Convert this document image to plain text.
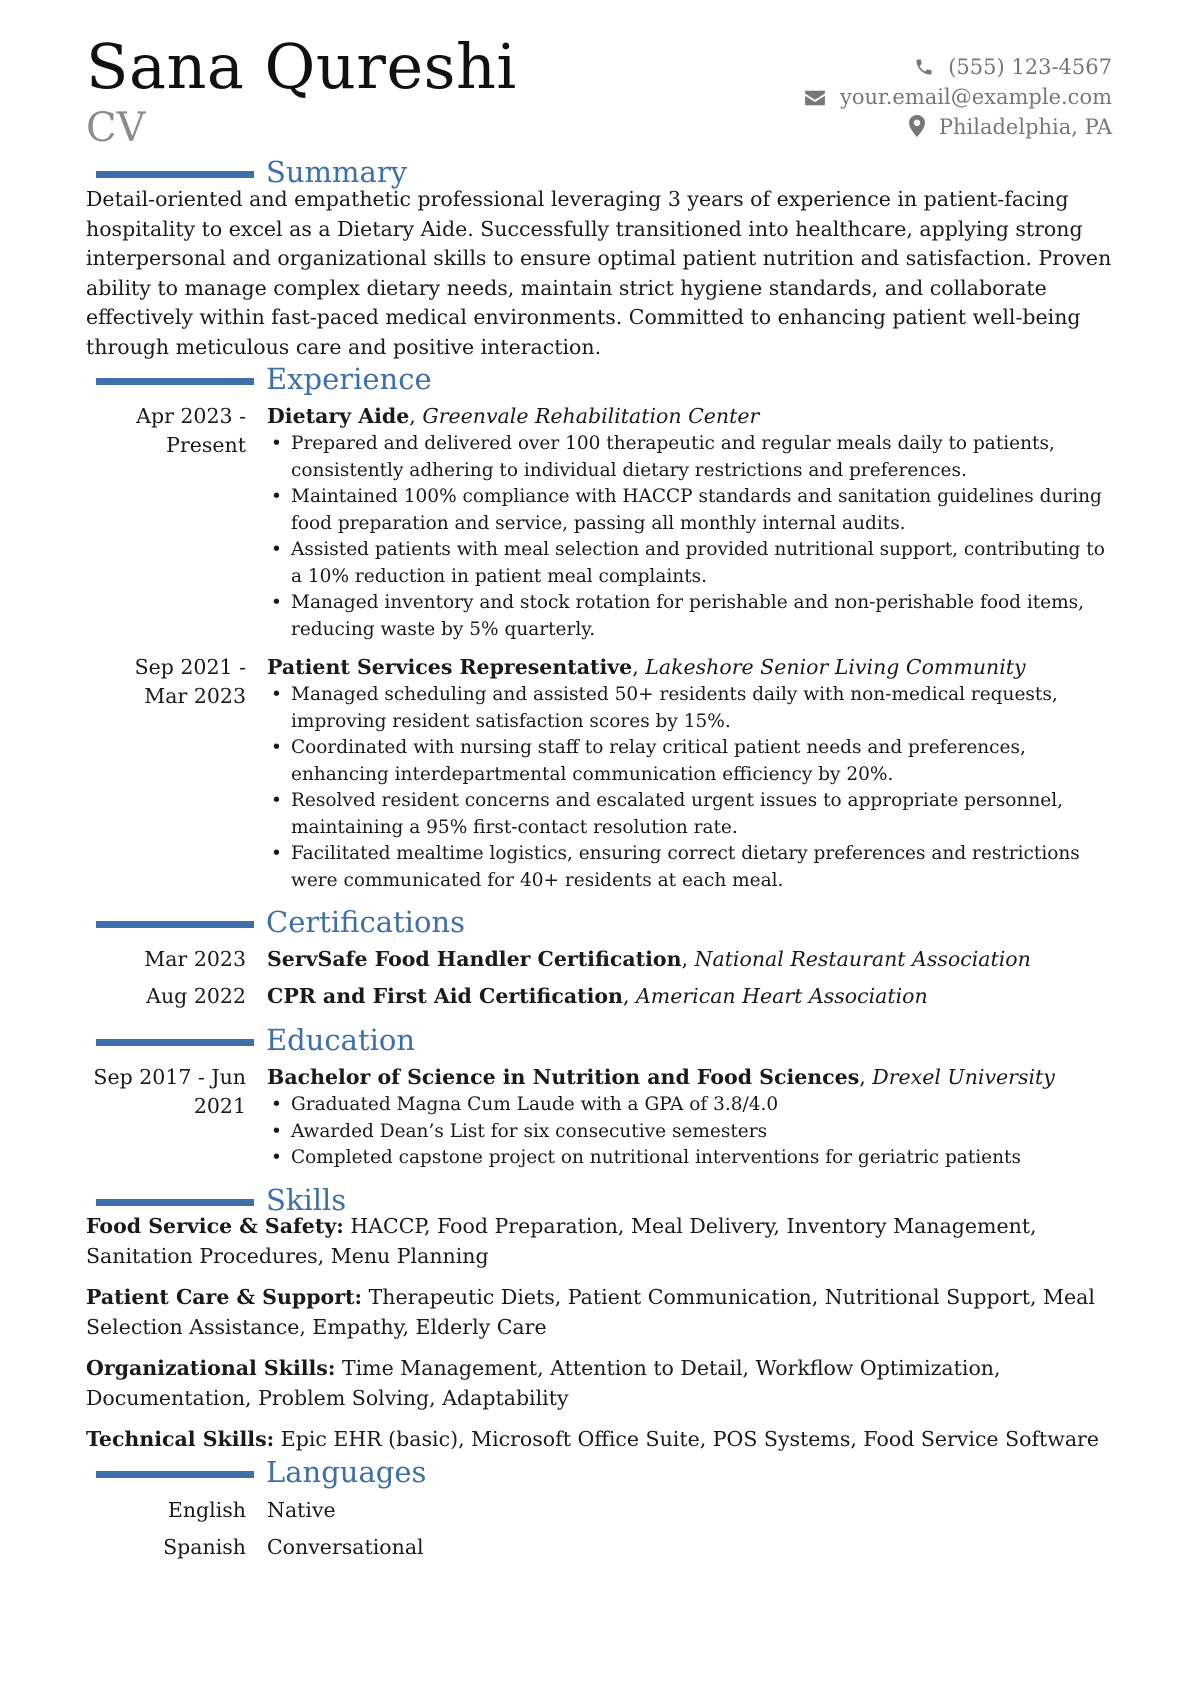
Sana Qureshi
CV
(555) 123-4567
your.email@example.com
Philadelphia, PA
Summary
Detail-oriented and empathetic professional leveraging 3 years of experience in patient-facing hospitality to excel as a Dietary Aide. Successfully transitioned into healthcare, applying strong interpersonal and organizational skills to ensure optimal patient nutrition and satisfaction. Proven ability to manage complex dietary needs, maintain strict hygiene standards, and collaborate effectively within fast-paced medical environments. Committed to enhancing patient well-being through meticulous care and positive interaction.
Experience
Apr 2023 - Present
Dietary Aide, Greenvale Rehabilitation Center
• Prepared and delivered over 100 therapeutic and regular meals daily to patients, consistently adhering to individual dietary restrictions and preferences.
• Maintained 100% compliance with HACCP standards and sanitation guidelines during food preparation and service, passing all monthly internal audits.
• Assisted patients with meal selection and provided nutritional support, contributing to a 10% reduction in patient meal complaints.
• Managed inventory and stock rotation for perishable and non-perishable food items, reducing waste by 5% quarterly.
Sep 2021 - Mar 2023
Patient Services Representative, Lakeshore Senior Living Community
• Managed scheduling and assisted 50+ residents daily with non-medical requests, improving resident satisfaction scores by 15%.
• Coordinated with nursing staff to relay critical patient needs and preferences, enhancing interdepartmental communication efficiency by 20%.
• Resolved resident concerns and escalated urgent issues to appropriate personnel, maintaining a 95% first-contact resolution rate.
• Facilitated mealtime logistics, ensuring correct dietary preferences and restrictions were communicated for 40+ residents at each meal.
Certifications
Mar 2023 ServSafe Food Handler Certification, National Restaurant Association
Aug 2022 CPR and First Aid Certification, American Heart Association
Education
Sep 2017 - Jun 2021
Bachelor of Science in Nutrition and Food Sciences, Drexel University
• Graduated Magna Cum Laude with a GPA of 3.8/4.0
• Awarded Dean’s List for six consecutive semesters
• Completed capstone project on nutritional interventions for geriatric patients
Skills
Food Service & Safety: HACCP, Food Preparation, Meal Delivery, Inventory Management, Sanitation Procedures, Menu Planning
Patient Care & Support: Therapeutic Diets, Patient Communication, Nutritional Support, Meal Selection Assistance, Empathy, Elderly Care
Organizational Skills: Time Management, Attention to Detail, Workflow Optimization, Documentation, Problem Solving, Adaptability
Technical Skills: Epic EHR (basic), Microsoft Office Suite, POS Systems, Food Service Software
Languages
English Native
Spanish Conversational
